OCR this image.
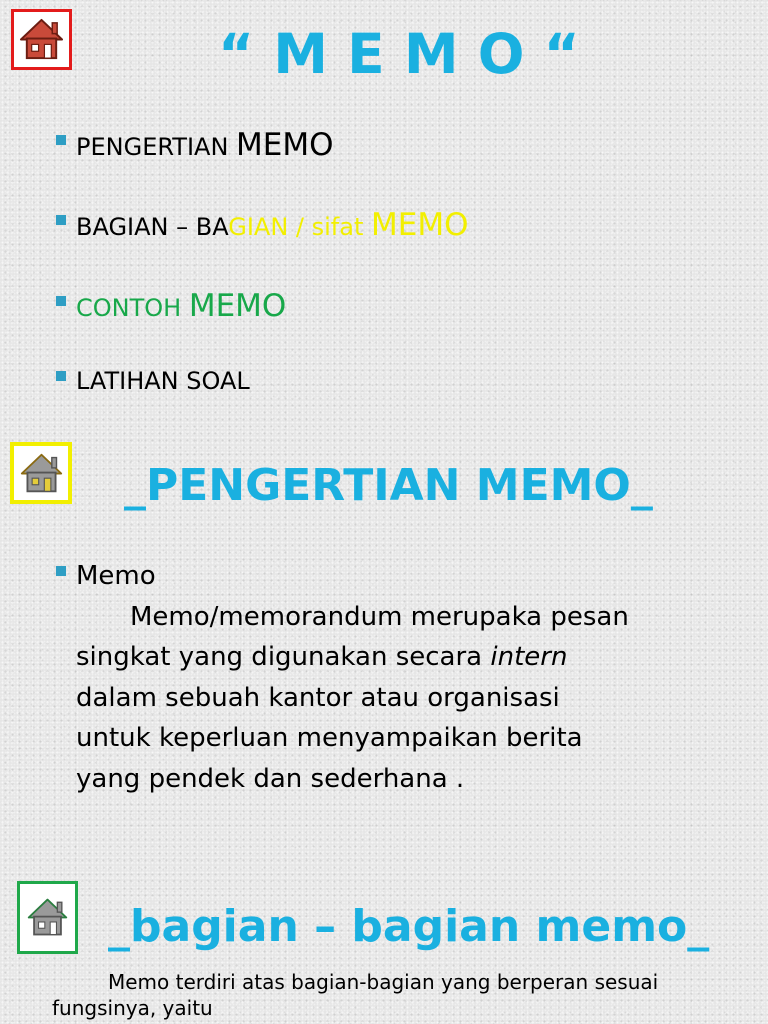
“ M E M O “
PENGERTIAN MEMO
BAGIAN – BAGIAN / sifat MEMO
CONTOH MEMO
LATIHAN SOAL
_PENGERTIAN MEMO_
Memo
Memo/memorandum merupaka pesan
singkat yang digunakan secara intern
dalam sebuah kantor atau organisasi
untuk keperluan menyampaikan berita
yang pendek dan sederhana .
_bagian – bagian memo_
Memo terdiri atas bagian-bagian yang berperan sesuai
fungsinya, yaitu
